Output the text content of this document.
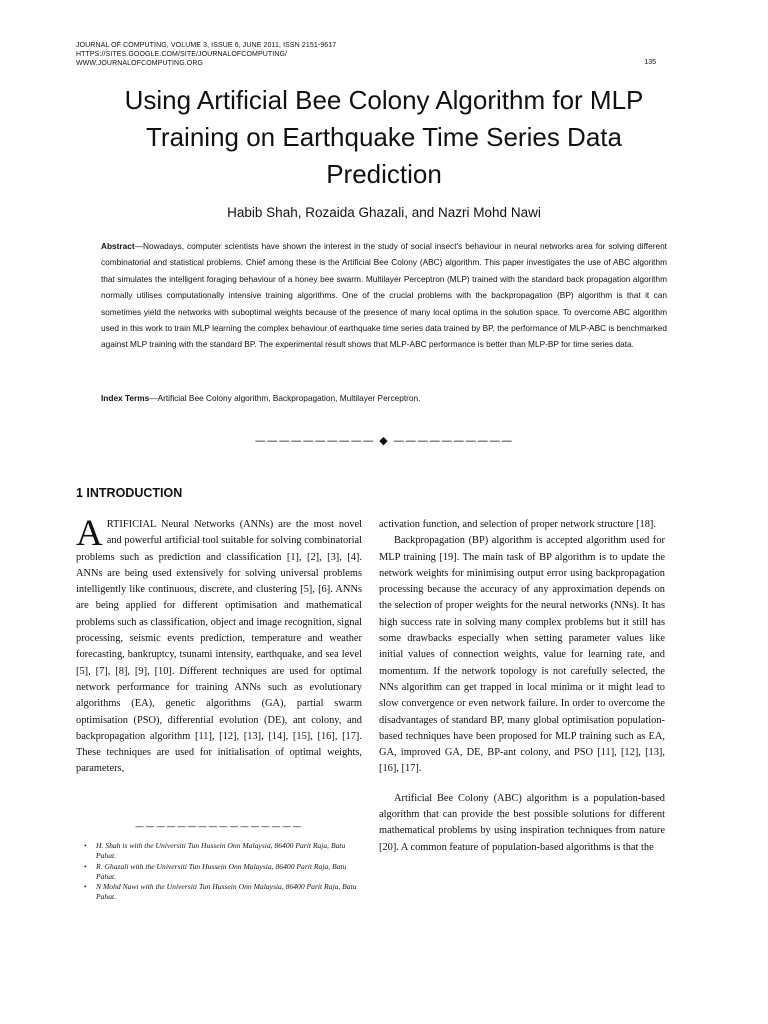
JOURNAL OF COMPUTING, VOLUME 3, ISSUE 6, JUNE 2011, ISSN 2151-9617
HTTPS://SITES.GOOGLE.COM/SITE/JOURNALOFCOMPUTING/
WWW.JOURNALOFCOMPUTING.ORG	135
Using Artificial Bee Colony Algorithm for MLP
Training on Earthquake Time Series Data
Prediction
Habib Shah, Rozaida Ghazali, and Nazri Mohd Nawi
Abstract—Nowadays, computer scientists have shown the interest in the study of social insect's behaviour in neural networks area for solving different combinatorial and statistical problems. Chief among these is the Artificial Bee Colony (ABC) algorithm. This paper investigates the use of ABC algorithm that simulates the intelligent foraging behaviour of a honey bee swarm. Multilayer Perceptron (MLP) trained with the standard back propagation algorithm normally utilises computationally intensive training algorithms. One of the crucial problems with the backpropagation (BP) algorithm is that it can sometimes yield the networks with suboptimal weights because of the presence of many local optima in the solution space. To overcome ABC algorithm used in this work to train MLP learning the complex behaviour of earthquake time series data trained by BP, the performance of MLP-ABC is benchmarked against MLP training with the standard BP. The experimental result shows that MLP-ABC performance is better than MLP-BP for time series data.
Index Terms—Artificial Bee Colony algorithm, Backpropagation, Multilayer Perceptron.
—————————— ◆ ——————————
1 INTRODUCTION

ARTIFICIAL Neural Networks (ANNs) are the most novel and powerful artificial tool suitable for solving combinatorial problems such as prediction and classification [1], [2], [3], [4]. ANNs are being used extensively for solving universal problems intelligently like continuous, discrete, and clustering [5], [6]. ANNs are being applied for different optimisation and mathematical problems such as classification, object and image recognition, signal processing, seismic events prediction, temperature and weather forecasting, bankruptcy, tsunami intensity, earthquake, and sea level [5], [7], [8], [9], [10]. Different techniques are used for optimal network performance for training ANNs such as evolutionary algorithms (EA), genetic algorithms (GA), partial swarm optimisation (PSO), differential evolution (DE), ant colony, and backpropagation algorithm [11], [12], [13], [14], [15], [16], [17]. These techniques are used for initialisation of optimal weights, parameters,

activation function, and selection of proper network structure [18].

Backpropagation (BP) algorithm is accepted algorithm used for MLP training [19]. The main task of BP algorithm is to update the network weights for minimising output error using backpropagation processing because the accuracy of any approximation depends on the selection of proper weights for the neural networks (NNs). It has high success rate in solving many complex problems but it still has some drawbacks especially when setting parameter values like initial values of connection weights, value for learning rate, and momentum. If the network topology is not carefully selected, the NNs algorithm can get trapped in local minima or it might lead to slow convergence or even network failure. In order to overcome the disadvantages of standard BP, many global optimisation population-based techniques have been proposed for MLP training such as EA, GA, improved GA, DE, BP-ant colony, and PSO [11], [12], [13], [16], [17].

Artificial Bee Colony (ABC) algorithm is a population-based algorithm that can provide the best possible solutions for different mathematical problems by using inspiration techniques from nature [20]. A common feature of population-based algorithms is that the

————————————————
• H. Shah is with the Universiti Tun Hussein Onn Malaysia, 86400 Parit Raja, Batu Pahat.
• R. Ghazali with the Universiti Tun Hussein Onn Malaysia, 86400 Parit Raja, Batu Pahat.
• N Mohd Nawi with the Universiti Tun Hussein Onn Malaysia, 86400 Parit Raja, Batu Pahat.
